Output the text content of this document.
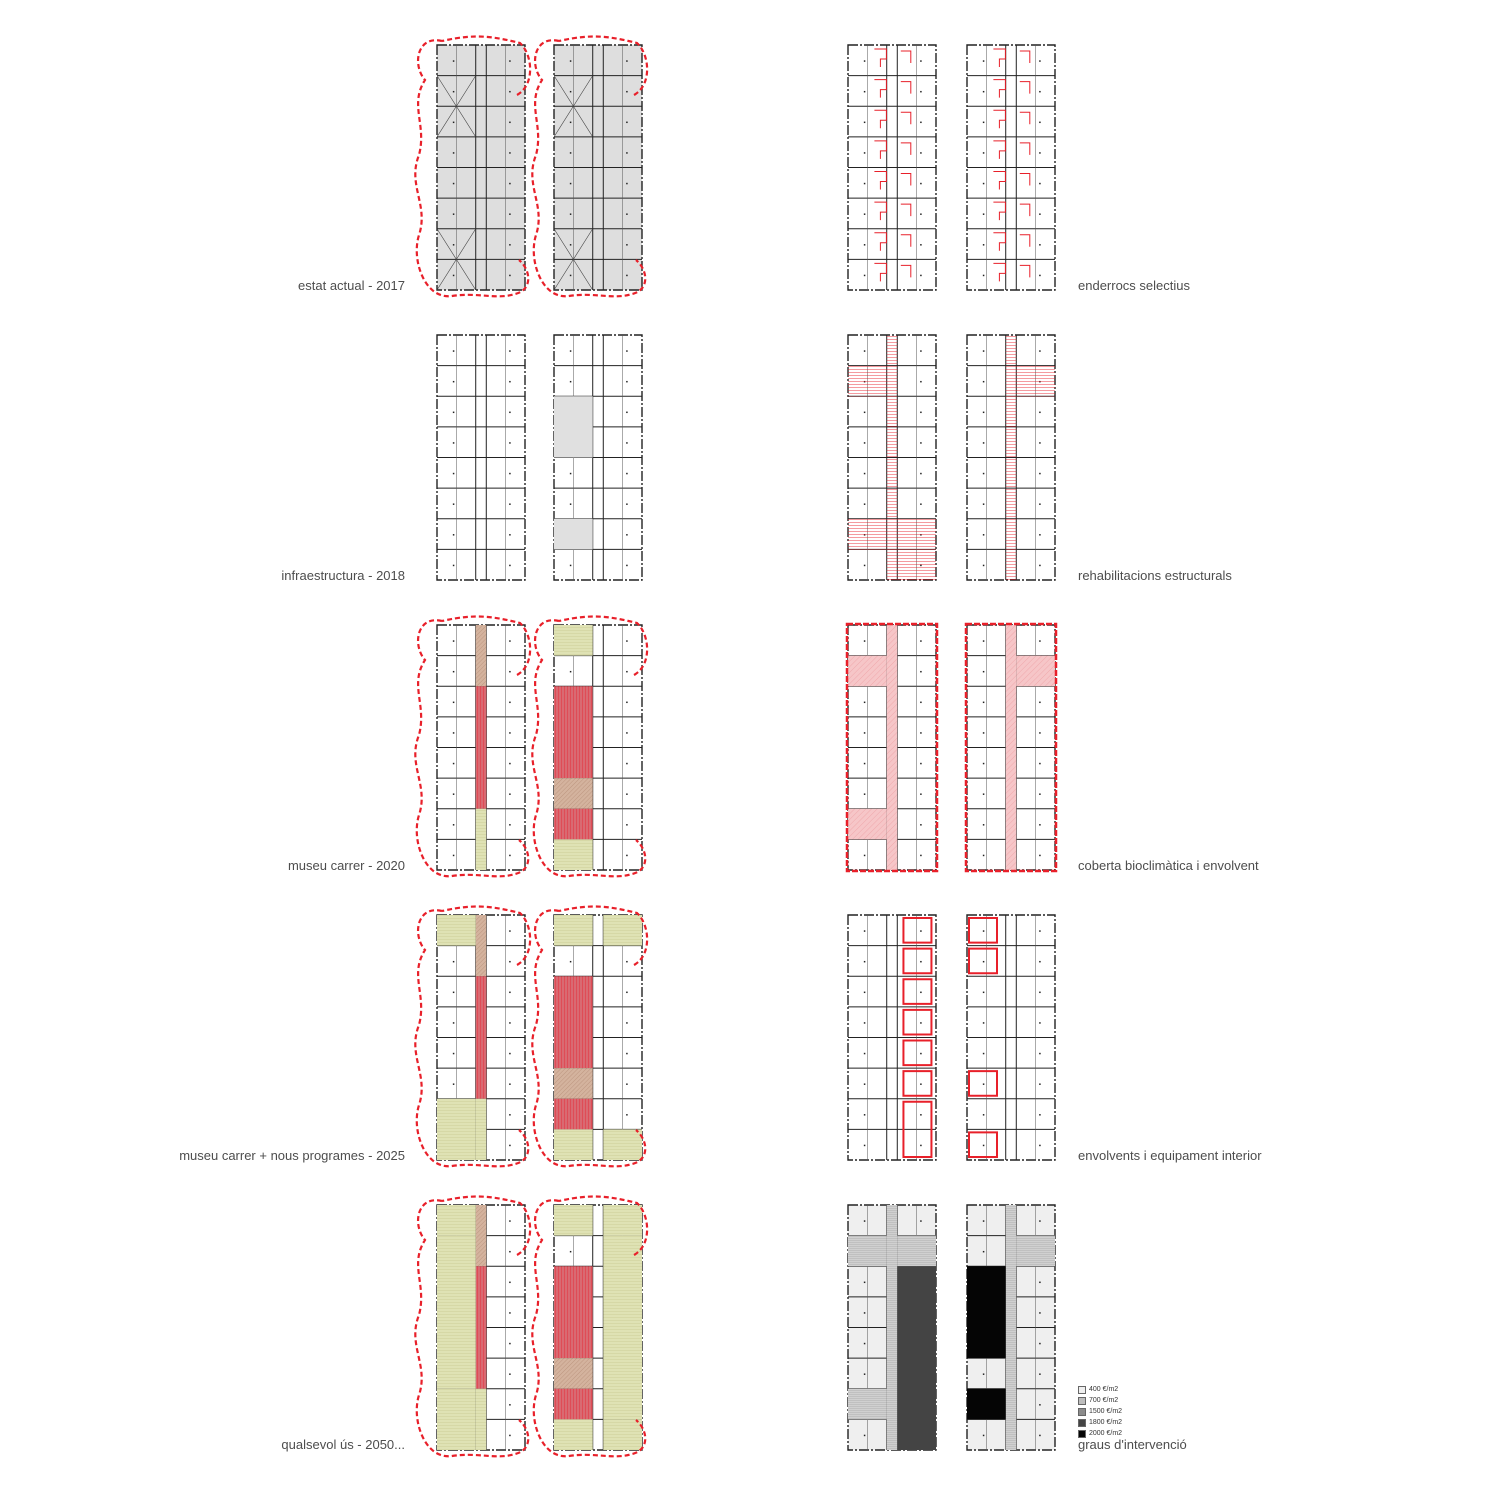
estat actual - 2017	enderrocs selectius
infraestructura - 2018	rehabilitacions estructurals
museu carrer - 2020	coberta bioclimàtica i envolvent
museu carrer + nous programes - 2025	envolvents i equipament interior
qualsevol ús - 2050...	graus d'intervenció
400 €/m2
700 €/m2
1500 €/m2
1800 €/m2
2000 €/m2
